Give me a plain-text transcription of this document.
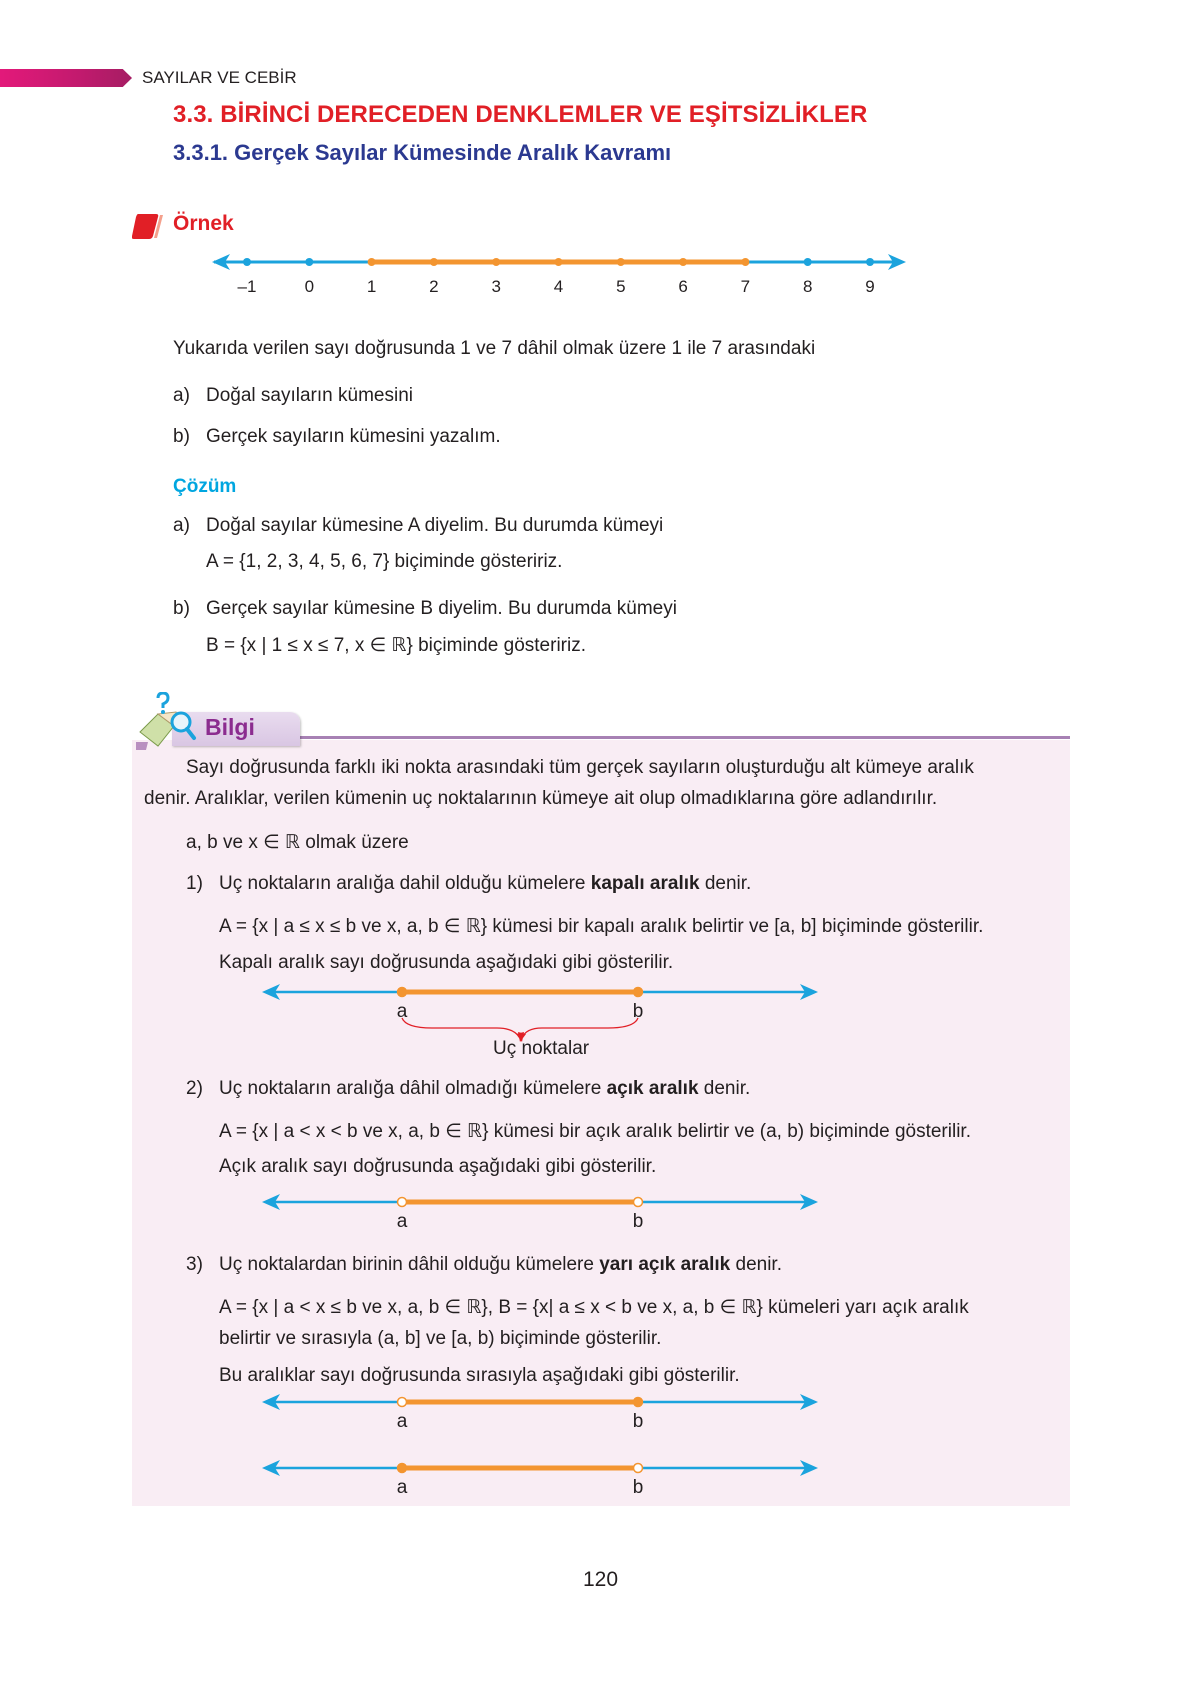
SAYILAR VE CEBİR
3.3. BİRİNCİ DERECEDEN DENKLEMLER VE EŞİTSİZLİKLER
3.3.1. Gerçek Sayılar Kümesinde Aralık Kavramı
Örnek
–1	0	1	2	3	4	5	6	7	8	9
Yukarıda verilen sayı doğrusunda 1 ve 7 dâhil olmak üzere 1 ile 7 arasındaki
a) Doğal sayıların kümesini
b) Gerçek sayıların kümesini yazalım.
Çözüm
a) Doğal sayılar kümesine A diyelim. Bu durumda kümeyi
A = {1, 2, 3, 4, 5, 6, 7} biçiminde gösteririz.
b) Gerçek sayılar kümesine B diyelim. Bu durumda kümeyi
B = {x | 1 ≤ x ≤ 7, x ∈ ℝ} biçiminde gösteririz.
Bilgi
Sayı doğrusunda farklı iki nokta arasındaki tüm gerçek sayıların oluşturduğu alt kümeye aralık
denir. Aralıklar, verilen kümenin uç noktalarının kümeye ait olup olmadıklarına göre adlandırılır.
a, b ve x ∈ ℝ olmak üzere
1) Uç noktaların aralığa dahil olduğu kümelere kapalı aralık denir.
A = {x | a ≤ x ≤ b ve x, a, b ∈ ℝ} kümesi bir kapalı aralık belirtir ve [a, b] biçiminde gösterilir.
Kapalı aralık sayı doğrusunda aşağıdaki gibi gösterilir.
a	b
Uç noktalar
2) Uç noktaların aralığa dâhil olmadığı kümelere açık aralık denir.
A = {x | a < x < b ve x, a, b ∈ ℝ} kümesi bir açık aralık belirtir ve (a, b) biçiminde gösterilir.
Açık aralık sayı doğrusunda aşağıdaki gibi gösterilir.
a	b
3) Uç noktalardan birinin dâhil olduğu kümelere yarı açık aralık denir.
A = {x | a < x ≤ b ve x, a, b ∈ ℝ}, B = {x| a ≤ x < b ve x, a, b ∈ ℝ} kümeleri yarı açık aralık
belirtir ve sırasıyla (a, b] ve [a, b) biçiminde gösterilir.
Bu aralıklar sayı doğrusunda sırasıyla aşağıdaki gibi gösterilir.
a	b
a	b
120
